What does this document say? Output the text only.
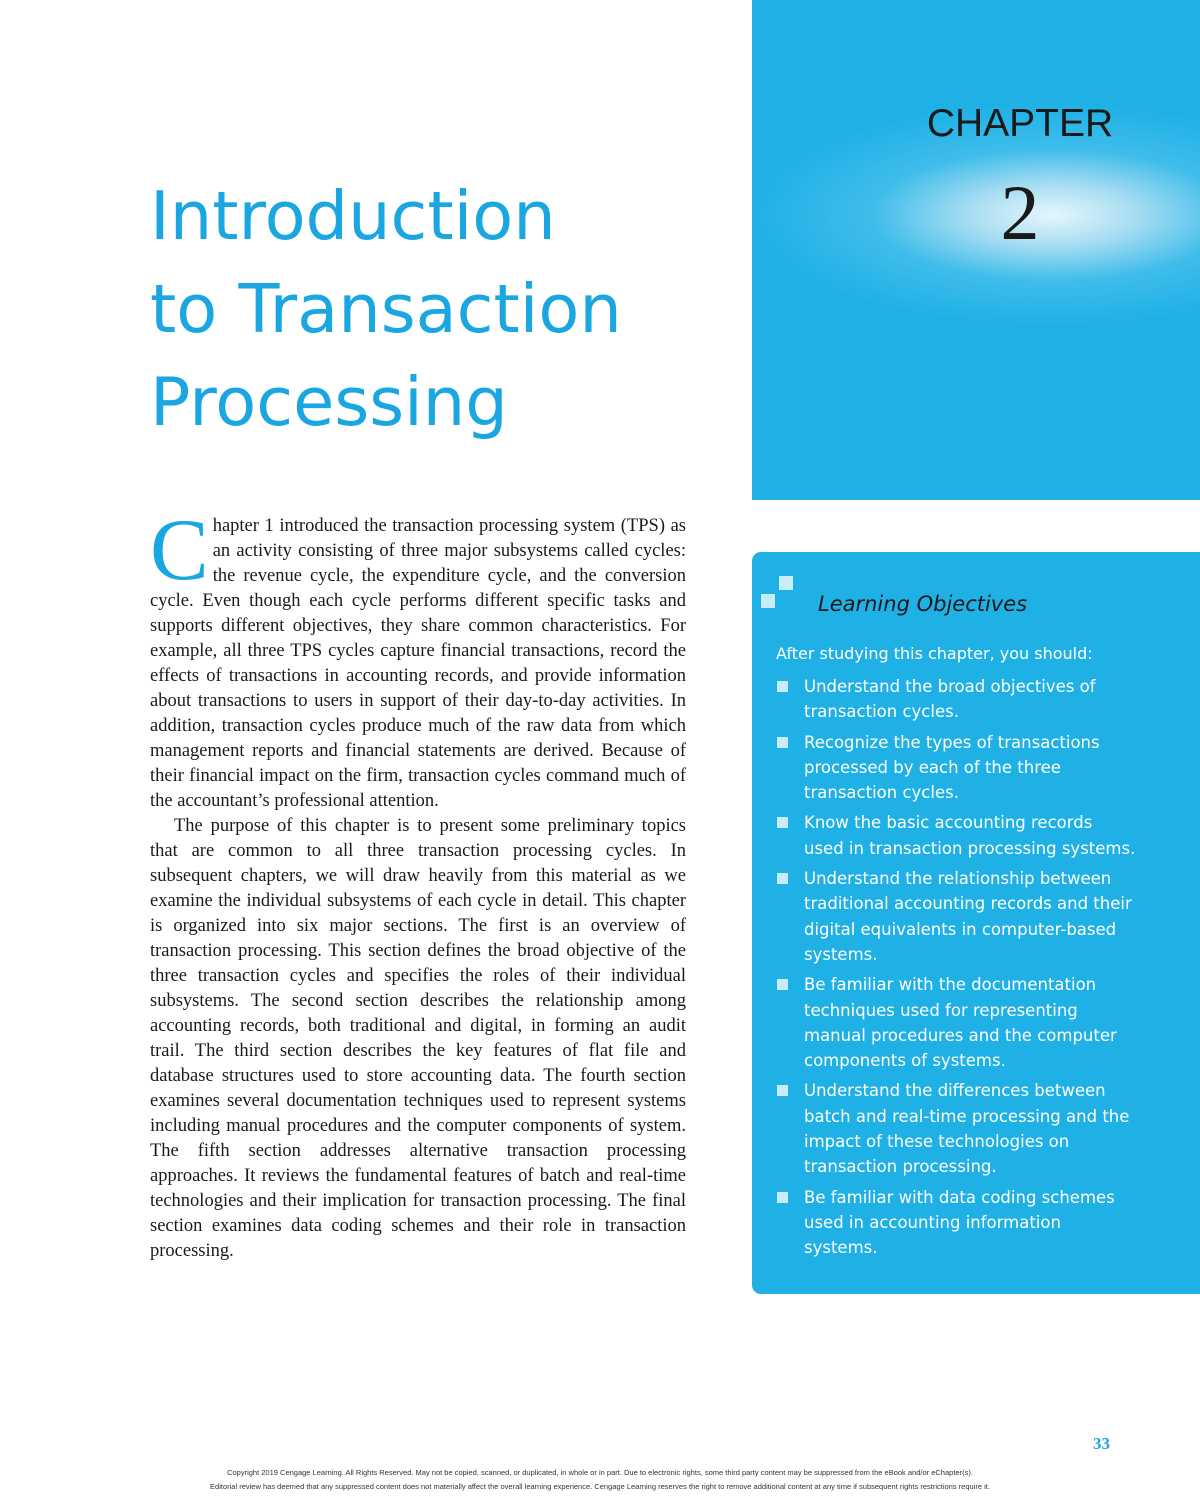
CHAPTER
2
Introduction
to Transaction
Processing

Chapter 1 introduced the transaction processing system (TPS) as an activity consisting of three major subsystems called cycles: the revenue cycle, the expenditure cycle, and the conversion cycle. Even though each cycle performs different specific tasks and supports different objectives, they share common characteristics. For example, all three TPS cycles capture financial transactions, record the effects of transactions in accounting records, and provide information about transactions to users in support of their day-to-day activities. In addition, transaction cycles produce much of the raw data from which management reports and financial statements are derived. Because of their financial impact on the firm, transaction cycles command much of the accountant’s professional attention.

The purpose of this chapter is to present some preliminary topics that are common to all three transaction processing cycles. In subsequent chapters, we will draw heavily from this material as we examine the individual subsystems of each cycle in detail. This chapter is organized into six major sections. The first is an overview of transaction processing. This section defines the broad objective of the three transaction cycles and specifies the roles of their individual subsystems. The second section describes the relationship among accounting records, both traditional and digital, in forming an audit trail. The third section describes the key features of flat file and database structures used to store accounting data. The fourth section examines several documentation techniques used to represent systems including manual procedures and the computer components of system. The fifth section addresses alternative transaction processing approaches. It reviews the fundamental features of batch and real-time technologies and their implication for transaction processing. The final section examines data coding schemes and their role in transaction processing.

Learning Objectives
After studying this chapter, you should:
Understand the broad objectives of transaction cycles.
Recognize the types of transactions processed by each of the three transaction cycles.
Know the basic accounting records used in transaction processing systems.
Understand the relationship between traditional accounting records and their digital equivalents in computer-based systems.
Be familiar with the documentation techniques used for representing manual procedures and the computer components of systems.
Understand the differences between batch and real-time processing and the impact of these technologies on transaction processing.
Be familiar with data coding schemes used in accounting information systems.
33
Copyright 2019 Cengage Learning. All Rights Reserved. May not be copied, scanned, or duplicated, in whole or in part. Due to electronic rights, some third party content may be suppressed from the eBook and/or eChapter(s).
Editorial review has deemed that any suppressed content does not materially affect the overall learning experience. Cengage Learning reserves the right to remove additional content at any time if subsequent rights restrictions require it.
